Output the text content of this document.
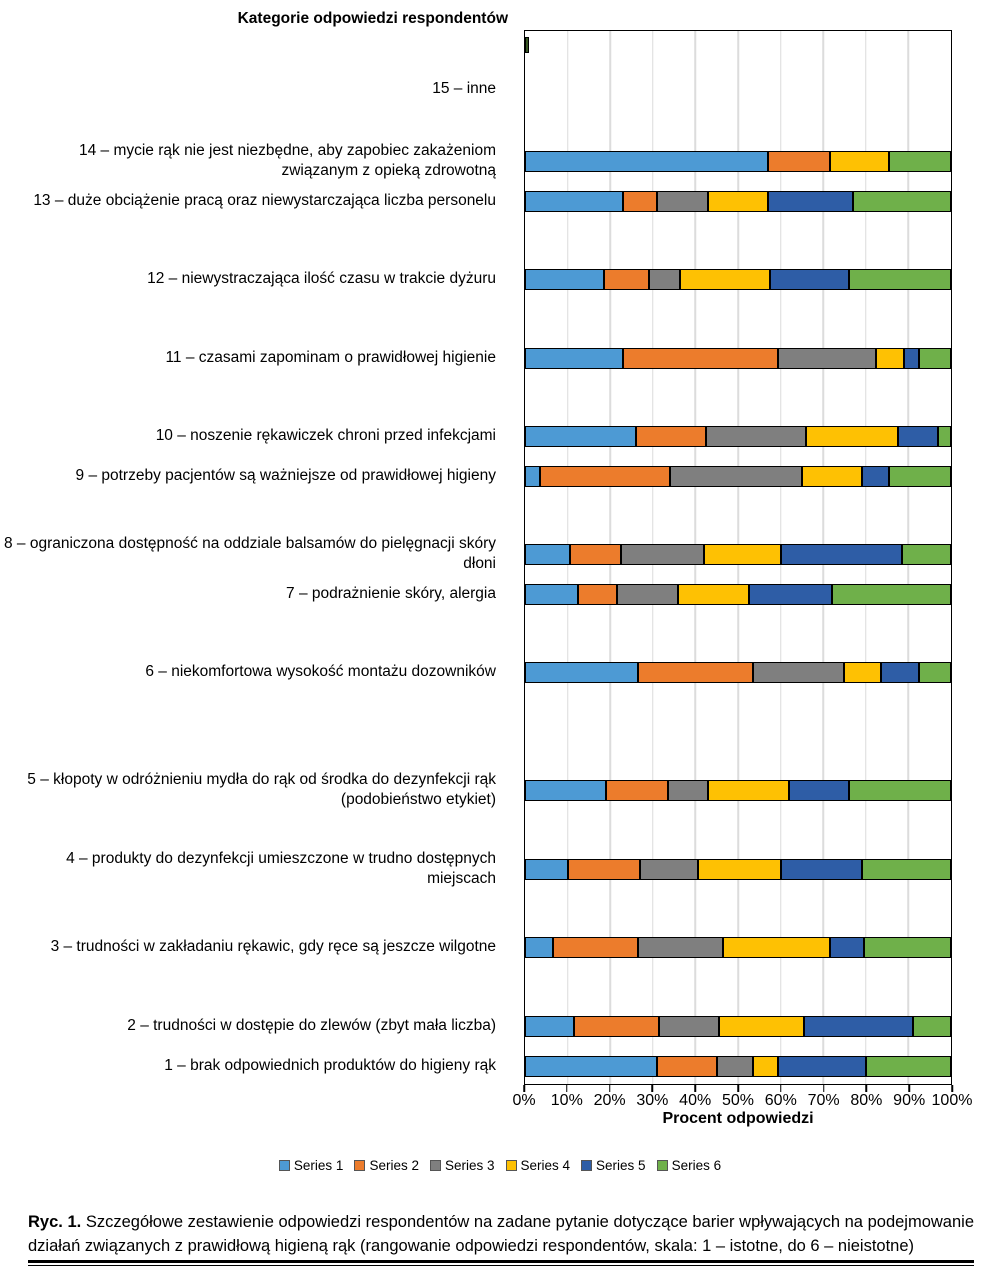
Kategorie odpowiedzi respondentów
15 – inne
14 – mycie rąk nie jest niezbędne, aby zapobiec zakażeniom związanym z opieką zdrowotną
13 – duże obciążenie pracą oraz niewystarczająca liczba personelu
12 – niewystraczająca ilość czasu w trakcie dyżuru
11 – czasami zapominam o prawidłowej higienie
10 – noszenie rękawiczek chroni przed infekcjami
9 – potrzeby pacjentów są ważniejsze od prawidłowej higieny
8 – ograniczona dostępność na oddziale balsamów do pielęgnacji skóry dłoni
7 – podrażnienie skóry, alergia
6 – niekomfortowa wysokość montażu dozowników
5 – kłopoty w odróżnieniu mydła do rąk od środka do dezynfekcji rąk (podobieństwo etykiet)
4 – produkty do dezynfekcji umieszczone w trudno dostępnych miejscach
3 – trudności w zakładaniu rękawic, gdy ręce są jeszcze wilgotne
2 – trudności w dostępie do zlewów (zbyt mała liczba)
1 – brak odpowiednich produktów do higieny rąk
0% 10% 20% 30% 40% 50% 60% 70% 80% 90% 100%
Procent odpowiedzi
Series 1 Series 2 Series 3 Series 4 Series 5 Series 6
Ryc. 1. Szczegółowe zestawienie odpowiedzi respondentów na zadane pytanie dotyczące barier wpływających na podejmowanie działań związanych z prawidłową higieną rąk (rangowanie odpowiedzi respondentów, skala: 1 – istotne, do 6 – nieistotne)
